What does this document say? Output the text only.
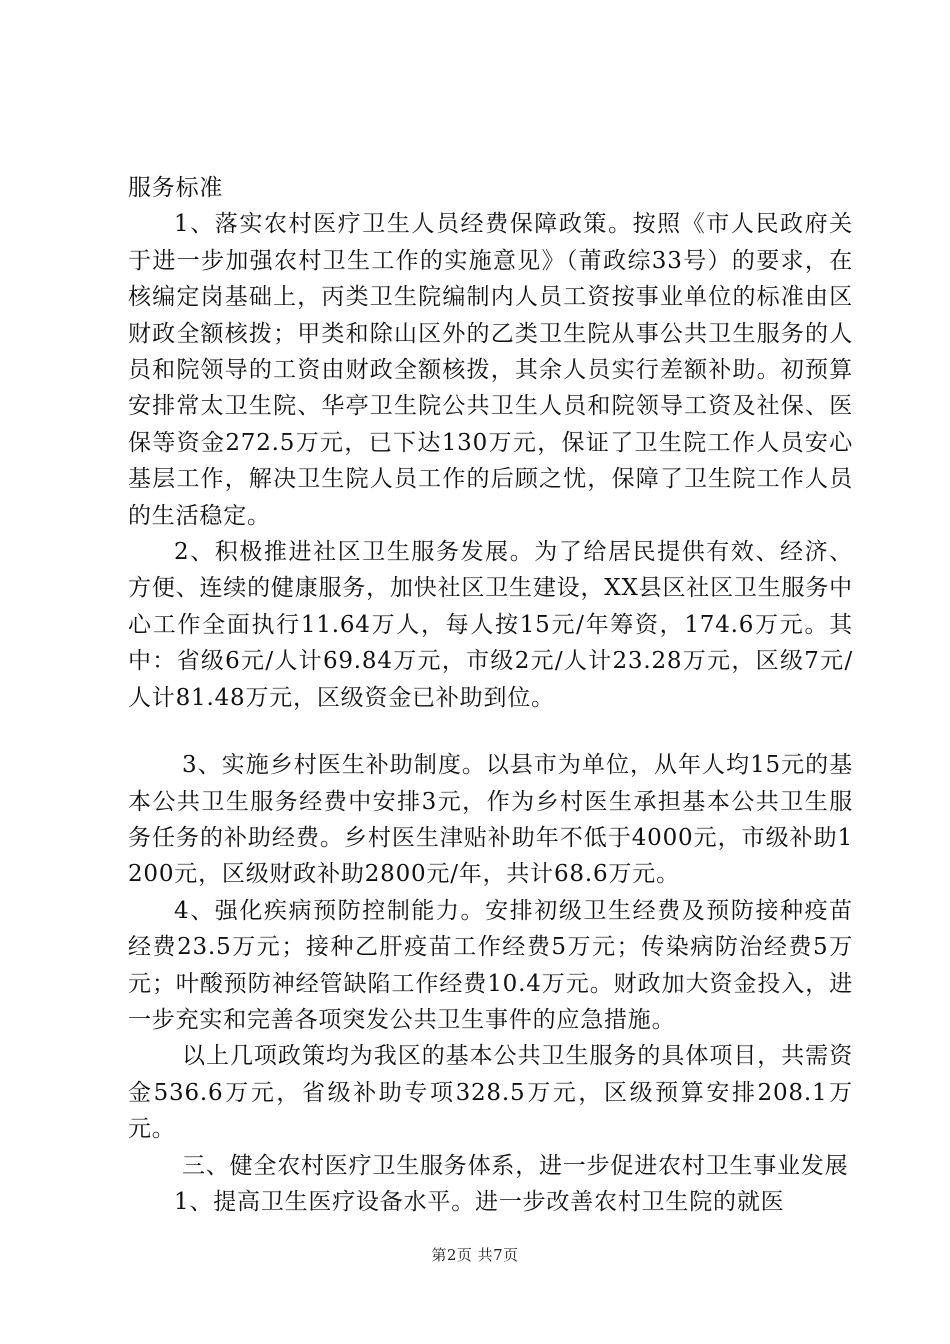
服务标准

1、落实农村医疗卫生人员经费保障政策。按照《市人民政府关于进一步加强农村卫生工作的实施意见》（莆政综33号）的要求，在核编定岗基础上，丙类卫生院编制内人员工资按事业单位的标准由区财政全额核拨；甲类和除山区外的乙类卫生院从事公共卫生服务的人员和院领导的工资由财政全额核拨，其余人员实行差额补助。初预算安排常太卫生院、华亭卫生院公共卫生人员和院领导工资及社保、医保等资金272.5万元，已下达130万元，保证了卫生院工作人员安心基层工作，解决卫生院人员工作的后顾之忧，保障了卫生院工作人员的生活稳定。

2、积极推进社区卫生服务发展。为了给居民提供有效、经济、方便、连续的健康服务，加快社区卫生建设，XX县区社区卫生服务中心工作全面执行11.64万人，每人按15元/年筹资，174.6万元。其中：省级6元/人计69.84万元，市级2元/人计23.28万元，区级7元/人计81.48万元，区级资金已补助到位。

3、实施乡村医生补助制度。以县市为单位，从年人均15元的基本公共卫生服务经费中安排3元，作为乡村医生承担基本公共卫生服务任务的补助经费。乡村医生津贴补助年不低于4000元，市级补助1200元，区级财政补助2800元/年，共计68.6万元。

4、强化疾病预防控制能力。安排初级卫生经费及预防接种疫苗经费23.5万元；接种乙肝疫苗工作经费5万元；传染病防治经费5万元；叶酸预防神经管缺陷工作经费10.4万元。财政加大资金投入，进一步充实和完善各项突发公共卫生事件的应急措施。

以上几项政策均为我区的基本公共卫生服务的具体项目，共需资金536.6万元，省级补助专项328.5万元，区级预算安排208.1万元。

三、健全农村医疗卫生服务体系，进一步促进农村卫生事业发展

1、提高卫生医疗设备水平。进一步改善农村卫生院的就医

第2页 共7页
